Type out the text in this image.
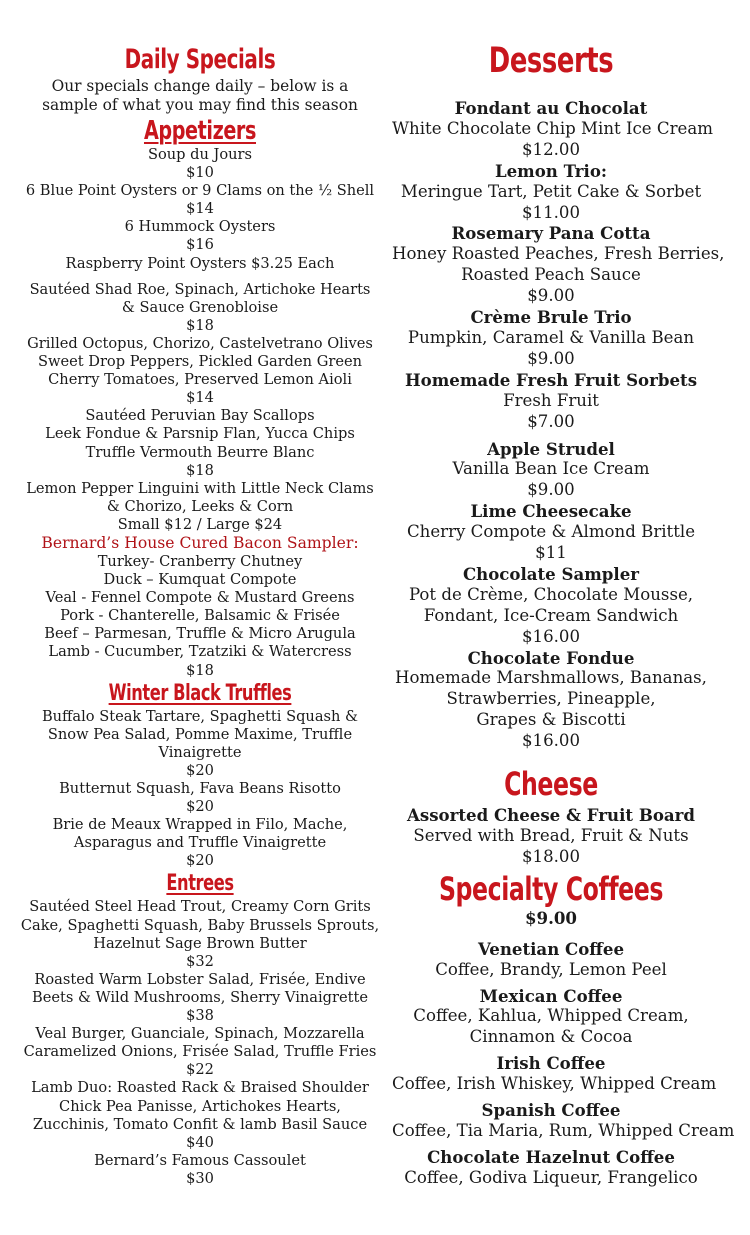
Daily Specials

Our specials change daily – below is a

sample of what you may find this season

Appetizers

Soup du Jours

$10

6 Blue Point Oysters or 9 Clams on the ½ Shell

$14

6 Hummock Oysters

$16

Raspberry Point Oysters $3.25 Each

Sautéed Shad Roe, Spinach, Artichoke Hearts

& Sauce Grenobloise

$18

Grilled Octopus, Chorizo, Castelvetrano Olives

Sweet Drop Peppers, Pickled Garden Green

Cherry Tomatoes, Preserved Lemon Aioli

$14

Sautéed Peruvian Bay Scallops

Leek Fondue & Parsnip Flan, Yucca Chips

Truffle Vermouth Beurre Blanc

$18

Lemon Pepper Linguini with Little Neck Clams

& Chorizo, Leeks & Corn

Small $12 / Large $24

Bernard’s House Cured Bacon Sampler:

Turkey- Cranberry Chutney

Duck – Kumquat Compote

Veal - Fennel Compote & Mustard Greens

Pork - Chanterelle, Balsamic & Frisée

Beef – Parmesan, Truffle & Micro Arugula

Lamb - Cucumber, Tzatziki & Watercress

$18

Winter Black Truffles

Buffalo Steak Tartare, Spaghetti Squash &

Snow Pea Salad, Pomme Maxime, Truffle

Vinaigrette

$20

Butternut Squash, Fava Beans Risotto

$20

Brie de Meaux Wrapped in Filo, Mache,

Asparagus and Truffle Vinaigrette

$20

Entrees

Sautéed Steel Head Trout, Creamy Corn Grits

Cake, Spaghetti Squash, Baby Brussels Sprouts,

Hazelnut Sage Brown Butter

$32

Roasted Warm Lobster Salad, Frisée, Endive

Beets & Wild Mushrooms, Sherry Vinaigrette

$38

Veal Burger, Guanciale, Spinach, Mozzarella

Caramelized Onions, Frisée Salad, Truffle Fries

$22

Lamb Duo: Roasted Rack & Braised Shoulder

Chick Pea Panisse, Artichokes Hearts,

Zucchinis, Tomato Confit & lamb Basil Sauce

$40

Bernard’s Famous Cassoulet

$30

Desserts

Fondant au Chocolat

White Chocolate Chip Mint Ice Cream

$12.00

Lemon Trio:

Meringue Tart, Petit Cake & Sorbet

$11.00

Rosemary Pana Cotta

Honey Roasted Peaches, Fresh Berries,

Roasted Peach Sauce

$9.00

Crème Brule Trio

Pumpkin, Caramel & Vanilla Bean

$9.00

Homemade Fresh Fruit Sorbets

Fresh Fruit

$7.00

Apple Strudel

Vanilla Bean Ice Cream

$9.00

Lime Cheesecake

Cherry Compote & Almond Brittle

$11

Chocolate Sampler

Pot de Crème, Chocolate Mousse,

Fondant, Ice-Cream Sandwich

$16.00

Chocolate Fondue

Homemade Marshmallows, Bananas,

Strawberries, Pineapple,

Grapes & Biscotti

$16.00

Cheese

Assorted Cheese & Fruit Board

Served with Bread, Fruit & Nuts

$18.00

Specialty Coffees

$9.00

Venetian Coffee

Coffee, Brandy, Lemon Peel

Mexican Coffee

Coffee, Kahlua, Whipped Cream,

Cinnamon & Cocoa

Irish Coffee

Coffee, Irish Whiskey, Whipped Cream

Spanish Coffee

Coffee, Tia Maria, Rum, Whipped Cream

Chocolate Hazelnut Coffee

Coffee, Godiva Liqueur, Frangelico
